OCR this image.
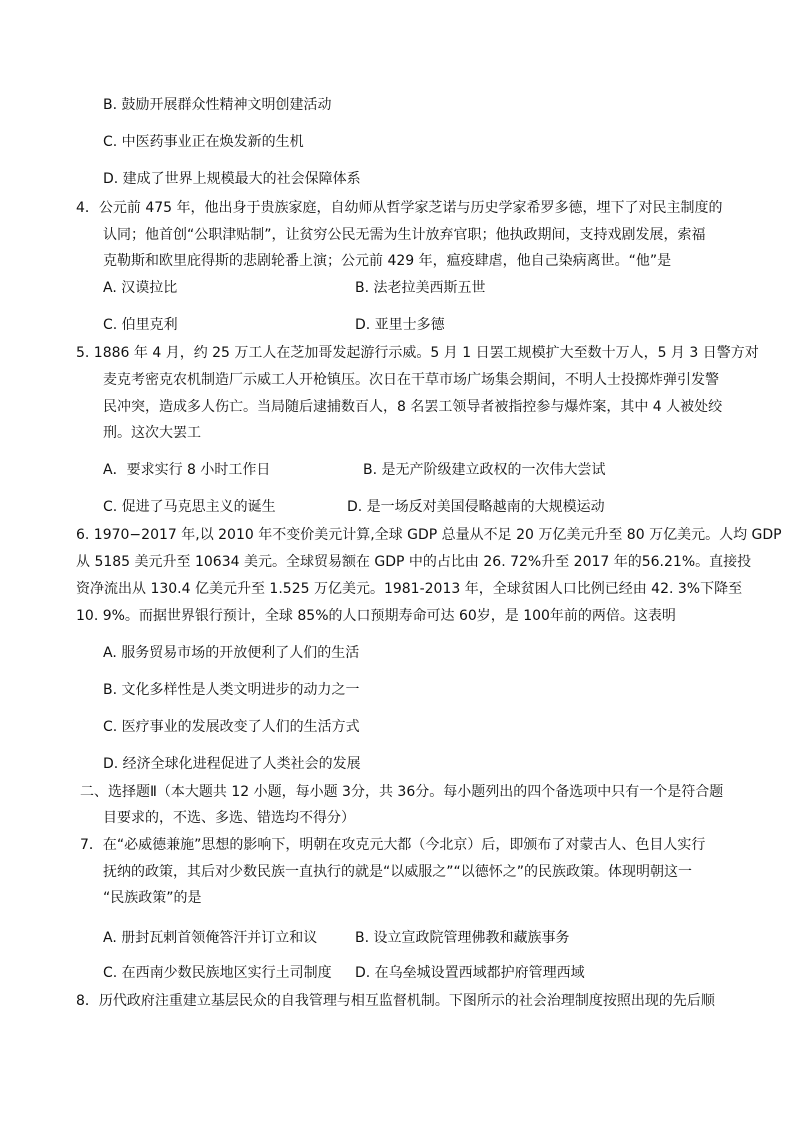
B. 鼓励开展群众性精神文明创建活动
C. 中医药事业正在焕发新的生机
D. 建成了世界上规模最大的社会保障体系
4．公元前 475 年，他出身于贵族家庭，自幼师从哲学家芝诺与历史学家希罗多德，埋下了对民主制度的
认同；他首创“公职津贴制”，让贫穷公民无需为生计放弃官职；他执政期间，支持戏剧发展，索福
克勒斯和欧里庇得斯的悲剧轮番上演；公元前 429 年，瘟疫肆虐，他自己染病离世。“他”是
A. 汉谟拉比	B. 法老拉美西斯五世
C. 伯里克利	D. 亚里士多德
5. 1886 年 4 月，约 25 万工人在芝加哥发起游行示威。5 月 1 日罢工规模扩大至数十万人，5 月 3 日警方对
麦克考密克农机制造厂示威工人开枪镇压。次日在干草市场广场集会期间，不明人士投掷炸弹引发警
民冲突，造成多人伤亡。当局随后逮捕数百人，8 名罢工领导者被指控参与爆炸案，其中 4 人被处绞
刑。这次大罢工
A．要求实行 8 小时工作日	B. 是无产阶级建立政权的一次伟大尝试
C. 促进了马克思主义的诞生	D. 是一场反对美国侵略越南的大规模运动
6. 1970−2017 年,以 2010 年不变价美元计算,全球 GDP 总量从不足 20 万亿美元升至 80 万亿美元。人均 GDP
从 5185 美元升至 10634 美元。全球贸易额在 GDP 中的占比由 26. 72%升至 2017 年的56.21%。直接投
资净流出从 130.4 亿美元升至 1.525 万亿美元。1981-2013 年，全球贫困人口比例已经由 42. 3%下降至
10. 9%。而据世界银行预计，全球 85%的人口预期寿命可达 60岁，是 100年前的两倍。这表明
A. 服务贸易市场的开放便利了人们的生活
B. 文化多样性是人类文明进步的动力之一
C. 医疗事业的发展改变了人们的生活方式
D. 经济全球化进程促进了人类社会的发展
二、选择题Ⅱ（本大题共 12 小题，每小题 3分，共 36分。每小题列出的四个备选项中只有一个是符合题
目要求的，不选、多选、错选均不得分）
7．在“必威德兼施”思想的影响下，明朝在攻克元大都（今北京）后，即颁布了对蒙古人、色目人实行
抚纳的政策，其后对少数民族一直执行的就是“以威服之”“以德怀之”的民族政策。体现明朝这一
“民族政策”的是
A. 册封瓦剌首领俺答汗并订立和议	B. 设立宣政院管理佛教和藏族事务
C. 在西南少数民族地区实行土司制度 D. 在乌垒城设置西域都护府管理西域
8．历代政府注重建立基层民众的自我管理与相互监督机制。下图所示的社会治理制度按照出现的先后顺
